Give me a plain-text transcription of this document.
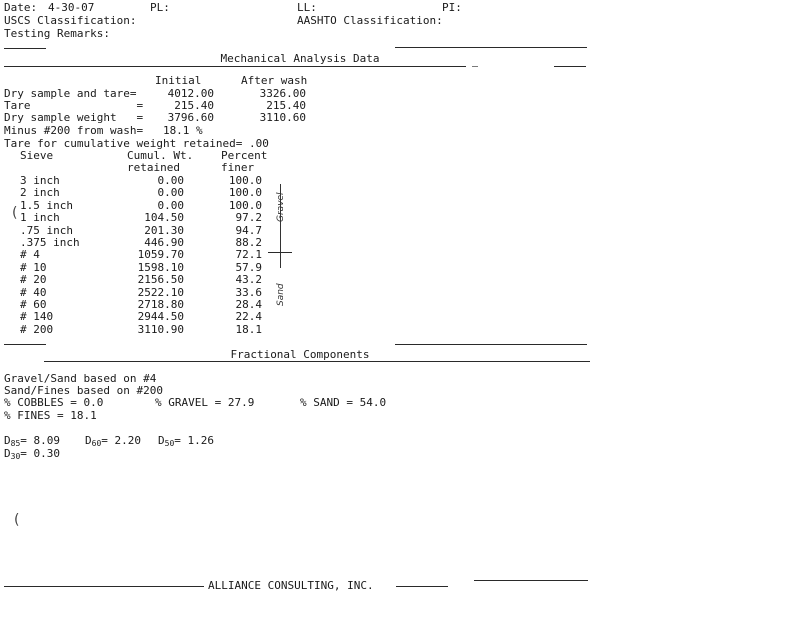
Date: 4-30-07	PL:	LL:	PI:
USCS Classification:	AASHTO Classification:
Testing Remarks:
Mechanical Analysis Data
Initial	After wash
Dry sample and tare=	4012.00	3326.00
Tare                =	215.40	215.40
Dry sample weight   =	3796.60	3110.60
Minus #200 from wash=   18.1 %
Tare for cumulative weight retained= .00
Sieve	Cumul. Wt.
retained
Percent
finer
3 inch	0.00	100.0
2 inch	0.00	100.0
1.5 inch	0.00	100.0
1 inch	104.50	97.2
.75 inch	201.30	94.7
.375 inch	446.90	88.2
# 4	1059.70	72.1
# 10	1598.10	57.9
# 20	2156.50	43.2
# 40	2522.10	33.6
# 60	2718.80	28.4
# 140	2944.50	22.4
# 200	3110.90	18.1
Gravel
Sand
(
Fractional Components
Gravel/Sand based on #4
Sand/Fines based on #200
% COBBLES = 0.0	% GRAVEL = 27.9	% SAND = 54.0
% FINES = 18.1
D85= 8.09 D60= 2.20 D50= 1.26
D30= 0.30
(
ALLIANCE CONSULTING, INC.
